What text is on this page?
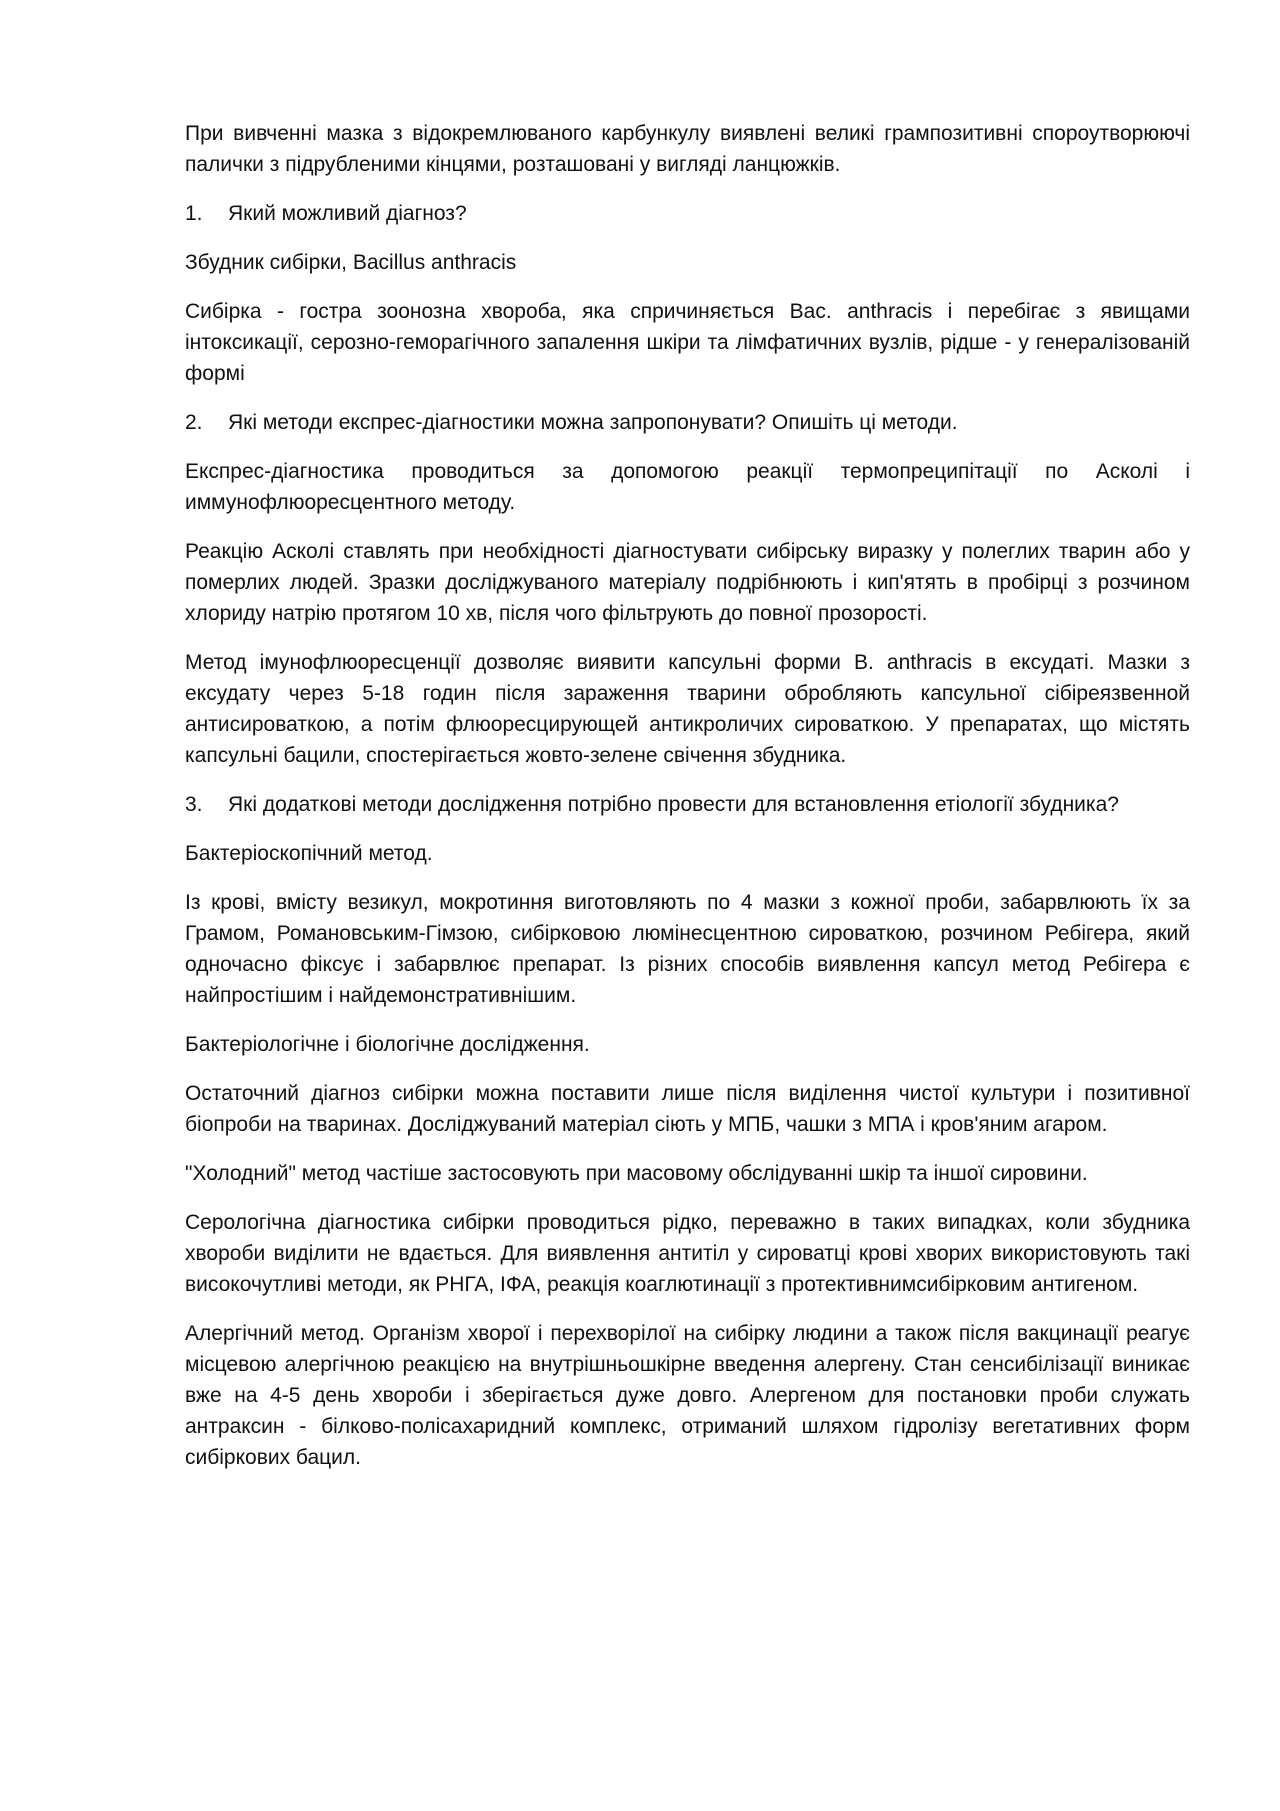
При вивченні мазка з відокремлюваного карбункулу виявлені великі грампозитивні спороутворюючі палички з підрубленими кінцями, розташовані у вигляді ланцюжків.

1.	Який можливий діагноз?

Збудник сибірки, Bacillus anthracis

Сибірка - гостра зоонозна хвороба, яка спричиняється Bac. anthracis і перебігає з явищами інтоксикації, серозно-геморагічного запалення шкіри та лімфатичних вузлів, рідше - у генералізованій формі

2.	Які методи експрес-діагностики можна запропонувати? Опишіть ці методи.

Експрес-діагностика проводиться за допомогою реакції термопреципітації по Асколі і иммунофлюоресцентного методу.

Реакцію Асколі ставлять при необхідності діагностувати сибірську виразку у полеглих тварин або у померлих людей. Зразки досліджуваного матеріалу подрібнюють і кип'ятять в пробірці з розчином хлориду натрію протягом 10 хв, після чого фільтрують до повної прозорості.

Метод імунофлюоресценції дозволяє виявити капсульні форми B. anthracis в ексудаті. Мазки з ексудату через 5-18 годин після зараження тварини обробляють капсульної сібіреязвенной антисироваткою, а потім флюоресцирующей антикроличих сироваткою. У препаратах, що містять капсульні бацили, спостерігається жовто-зелене свічення збудника.

3.	Які додаткові методи дослідження потрібно провести для встановлення етіології збудника?

Бактеріоскопічний метод.

Із крові, вмісту везикул, мокротиння виготовляють по 4 мазки з кожної проби, забарвлюють їх за Грамом, Романовським-Гімзою, сибірковою люмінесцентною сироваткою, розчином Ребігера, який одночасно фіксує і забарвлює препарат. Із різних способів виявлення капсул метод Ребігера є найпростішим і найдемонстративнішим.

Бактеріологічне і біологічне дослідження.

Остаточний діагноз сибірки можна поставити лише після виділення чистої культури і позитивної біопроби на тваринах. Досліджуваний матеріал сіють у МПБ, чашки з МПА і кров'яним агаром.

"Холодний" метод частіше застосовують при масовому обслідуванні шкір та іншої сировини.

Серологічна діагностика сибірки проводиться рідко, переважно в таких випадках, коли збудника хвороби виділити не вдається. Для виявлення антитіл у сироватці крові хворих використовують такі високочутливі методи, як РНГА, ІФА, реакція коаглютинації з протективнимсибірковим антигеном.

Алергічний метод. Організм хворої і перехворілої на сибірку людини а також після вакцинації реагує місцевою алергічною реакцією на внутрішньошкірне введення алергену. Стан сенсибілізації виникає вже на 4-5 день хвороби і зберігається дуже довго. Алергеном для постановки проби служать антраксин - білково-полісахаридний комплекс, отриманий шляхом гідролізу вегетативних форм сибіркових бацил.
